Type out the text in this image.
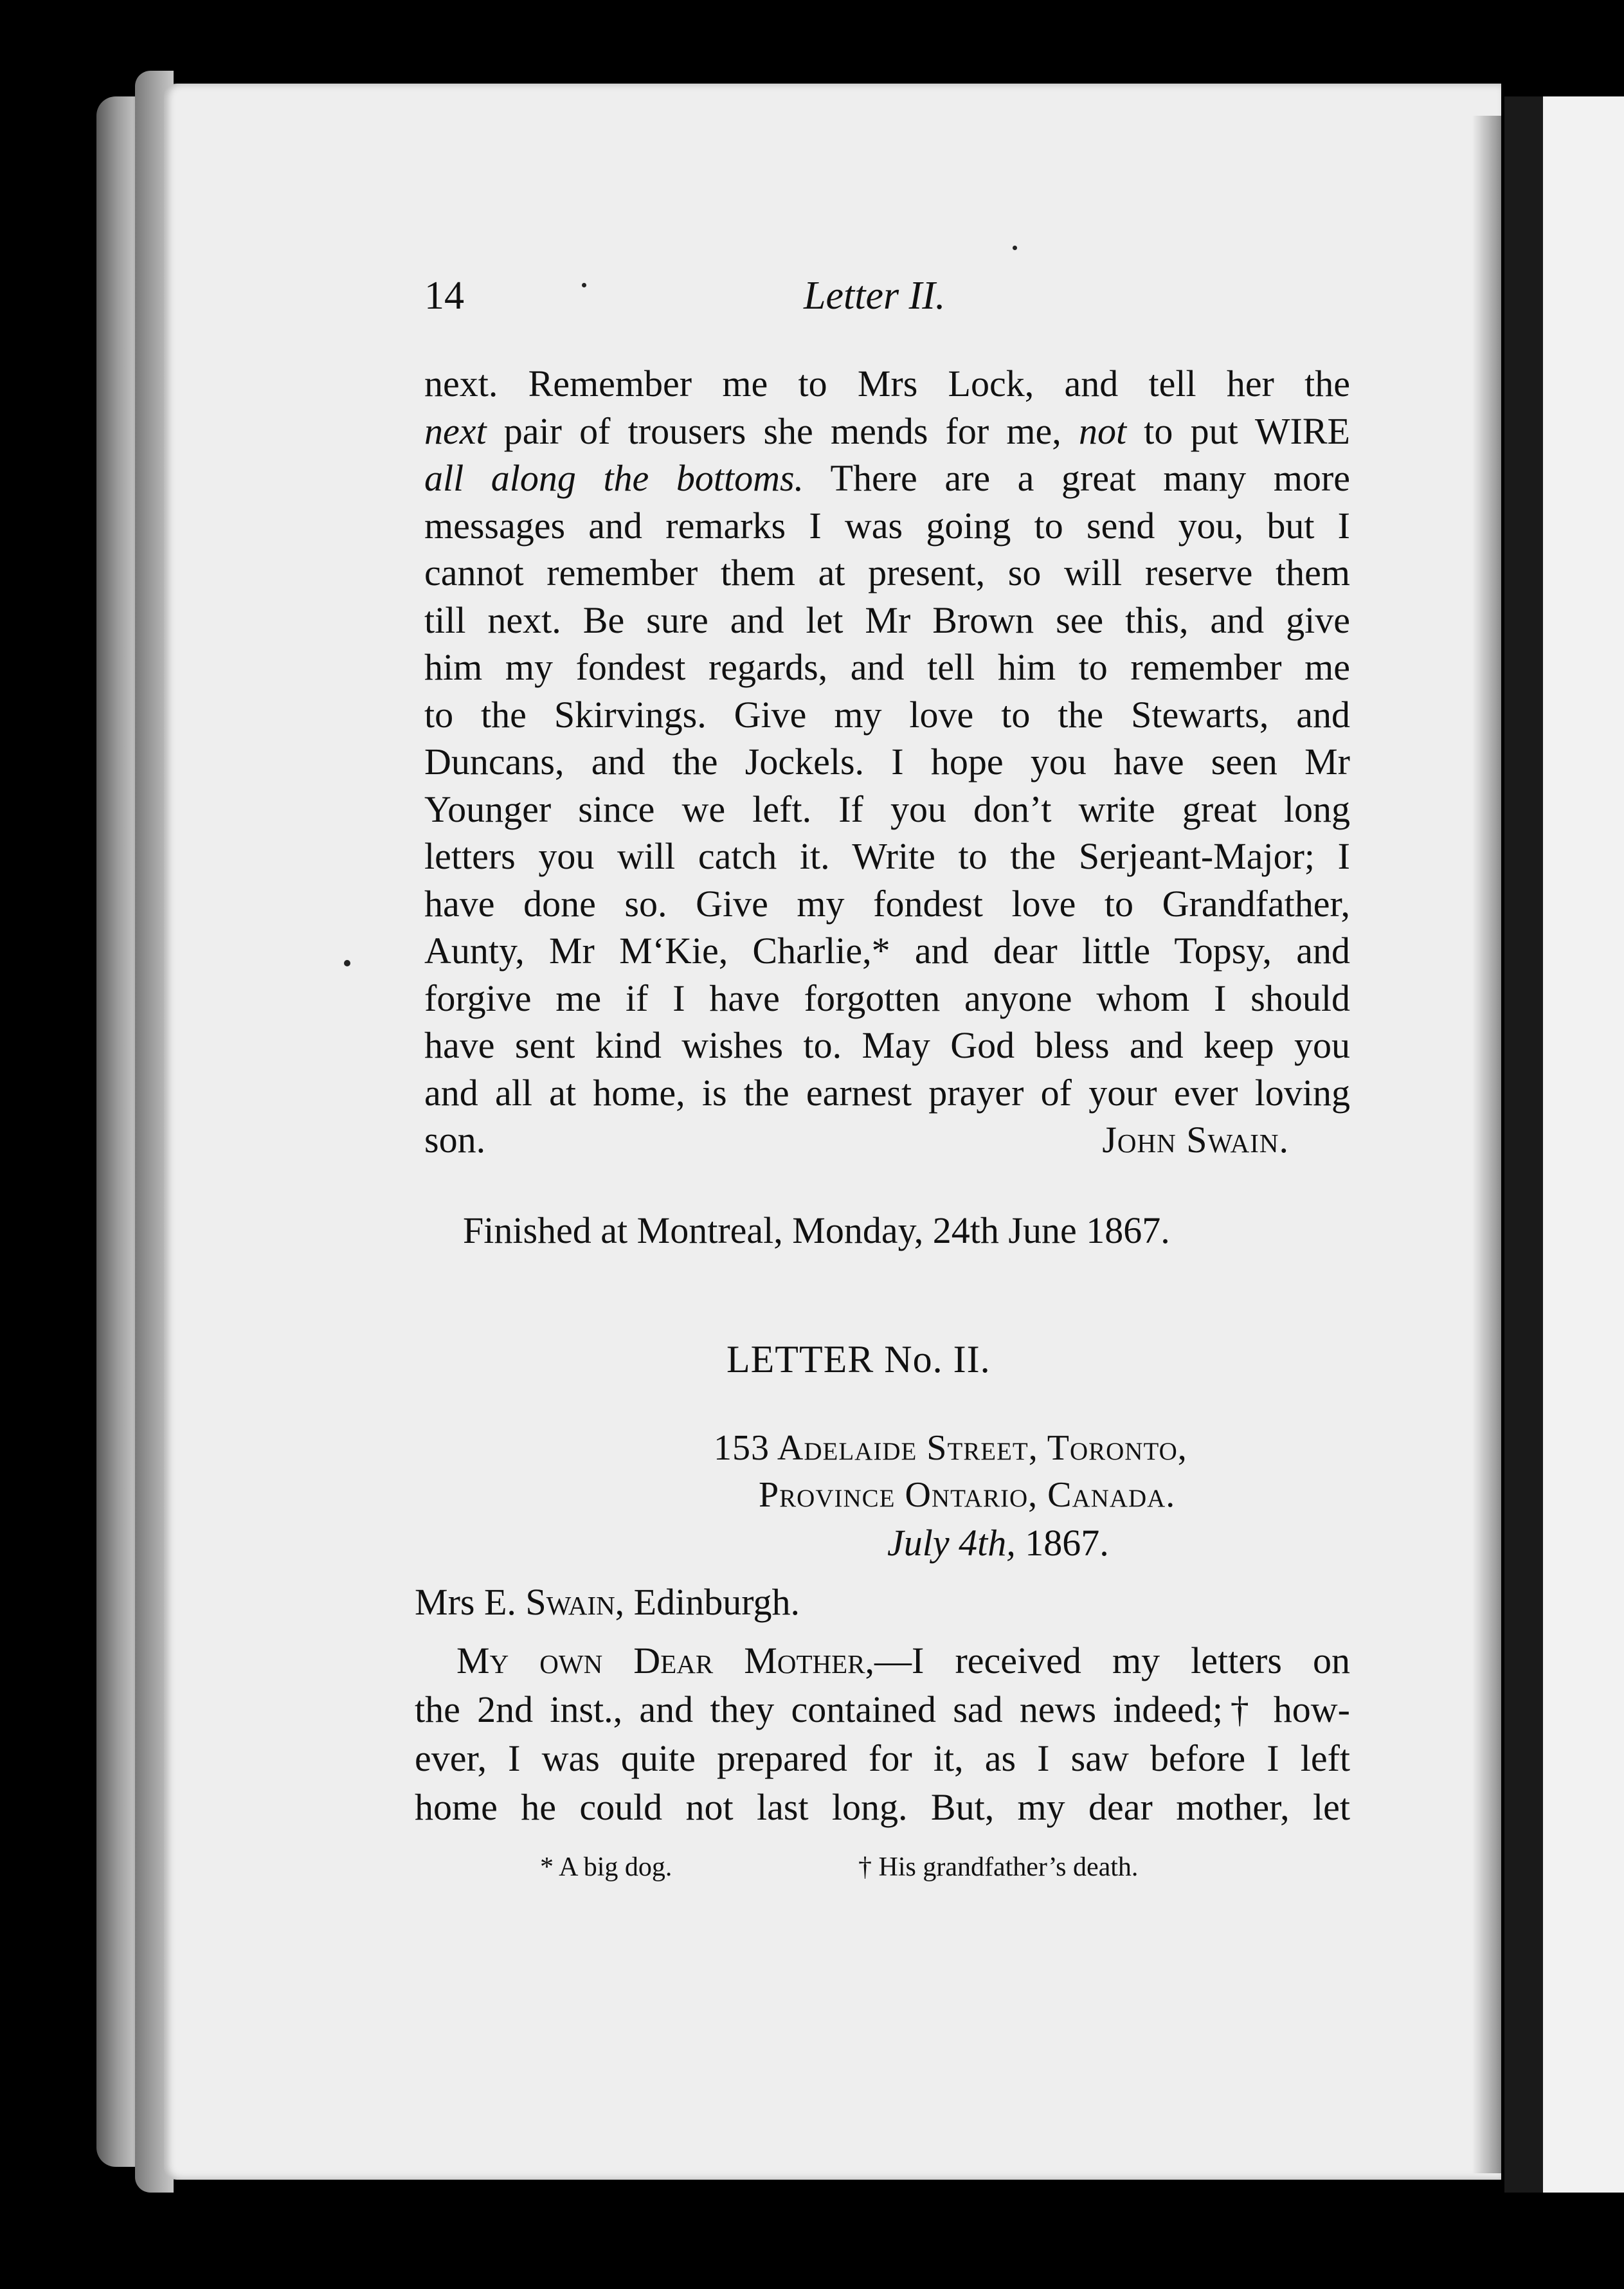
14	Letter II.
next. Remember me to Mrs Lock, and tell her the
next pair of trousers she mends for me, not to put WIRE
all along the bottoms. There are a great many more
messages and remarks I was going to send you, but I
cannot remember them at present, so will reserve them
till next. Be sure and let Mr Brown see this, and give
him my fondest regards, and tell him to remember me
to the Skirvings. Give my love to the Stewarts, and
Duncans, and the Jockels. I hope you have seen Mr
Younger since we left. If you don’t write great long
letters you will catch it. Write to the Serjeant-Major; I
have done so. Give my fondest love to Grandfather,
Aunty, Mr M‘Kie, Charlie,* and dear little Topsy, and
forgive me if I have forgotten anyone whom I should
have sent kind wishes to. May God bless and keep you
and all at home, is the earnest prayer of your ever loving
son.	John Swain.
Finished at Montreal, Monday, 24th June 1867.
LETTER No. II.
153 Adelaide Street, Toronto,
Province Ontario, Canada.
July 4th, 1867.
Mrs E. Swain, Edinburgh.
My own Dear Mother,—I received my letters on
the 2nd inst., and they contained sad news indeed;† how-
ever, I was quite prepared for it, as I saw before I left
home he could not last long. But, my dear mother, let
* A big dog.	† His grandfather’s death.
